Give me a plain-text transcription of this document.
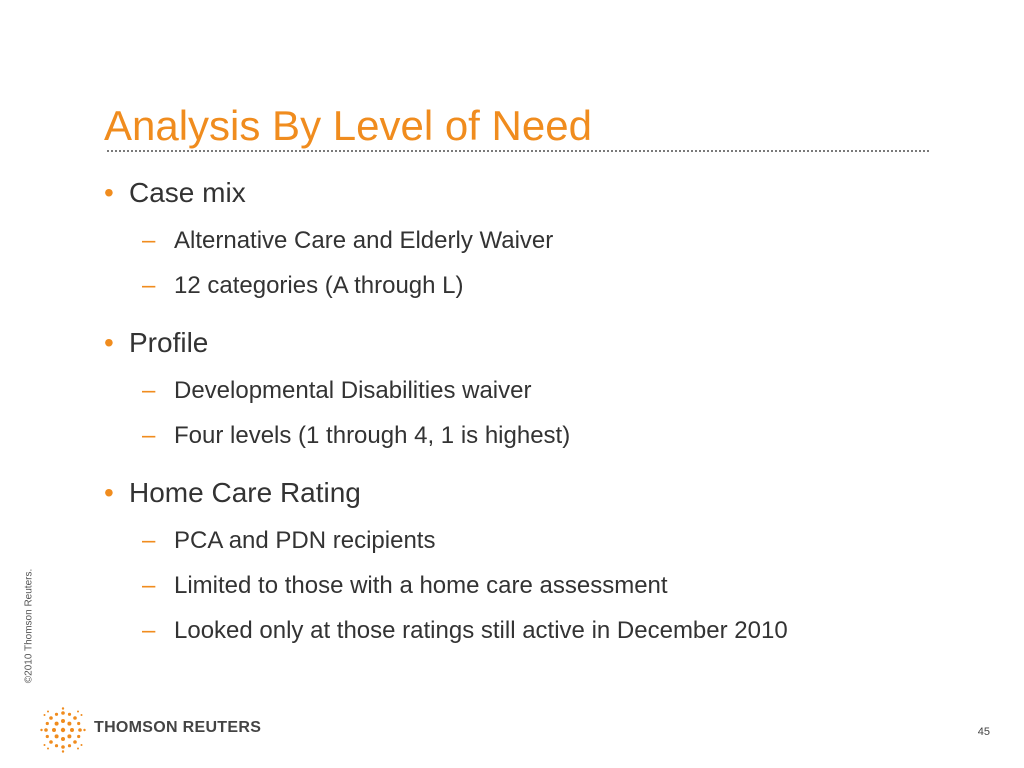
Analysis By Level of Need
• Case mix
– Alternative Care and Elderly Waiver
– 12 categories (A through L)
• Profile
– Developmental Disabilities waiver
– Four levels (1 through 4, 1 is highest)
• Home Care Rating
– PCA and PDN recipients
– Limited to those with a home care assessment
– Looked only at those ratings still active in December 2010
©2010 Thomson Reuters.
THOMSON REUTERS	45
